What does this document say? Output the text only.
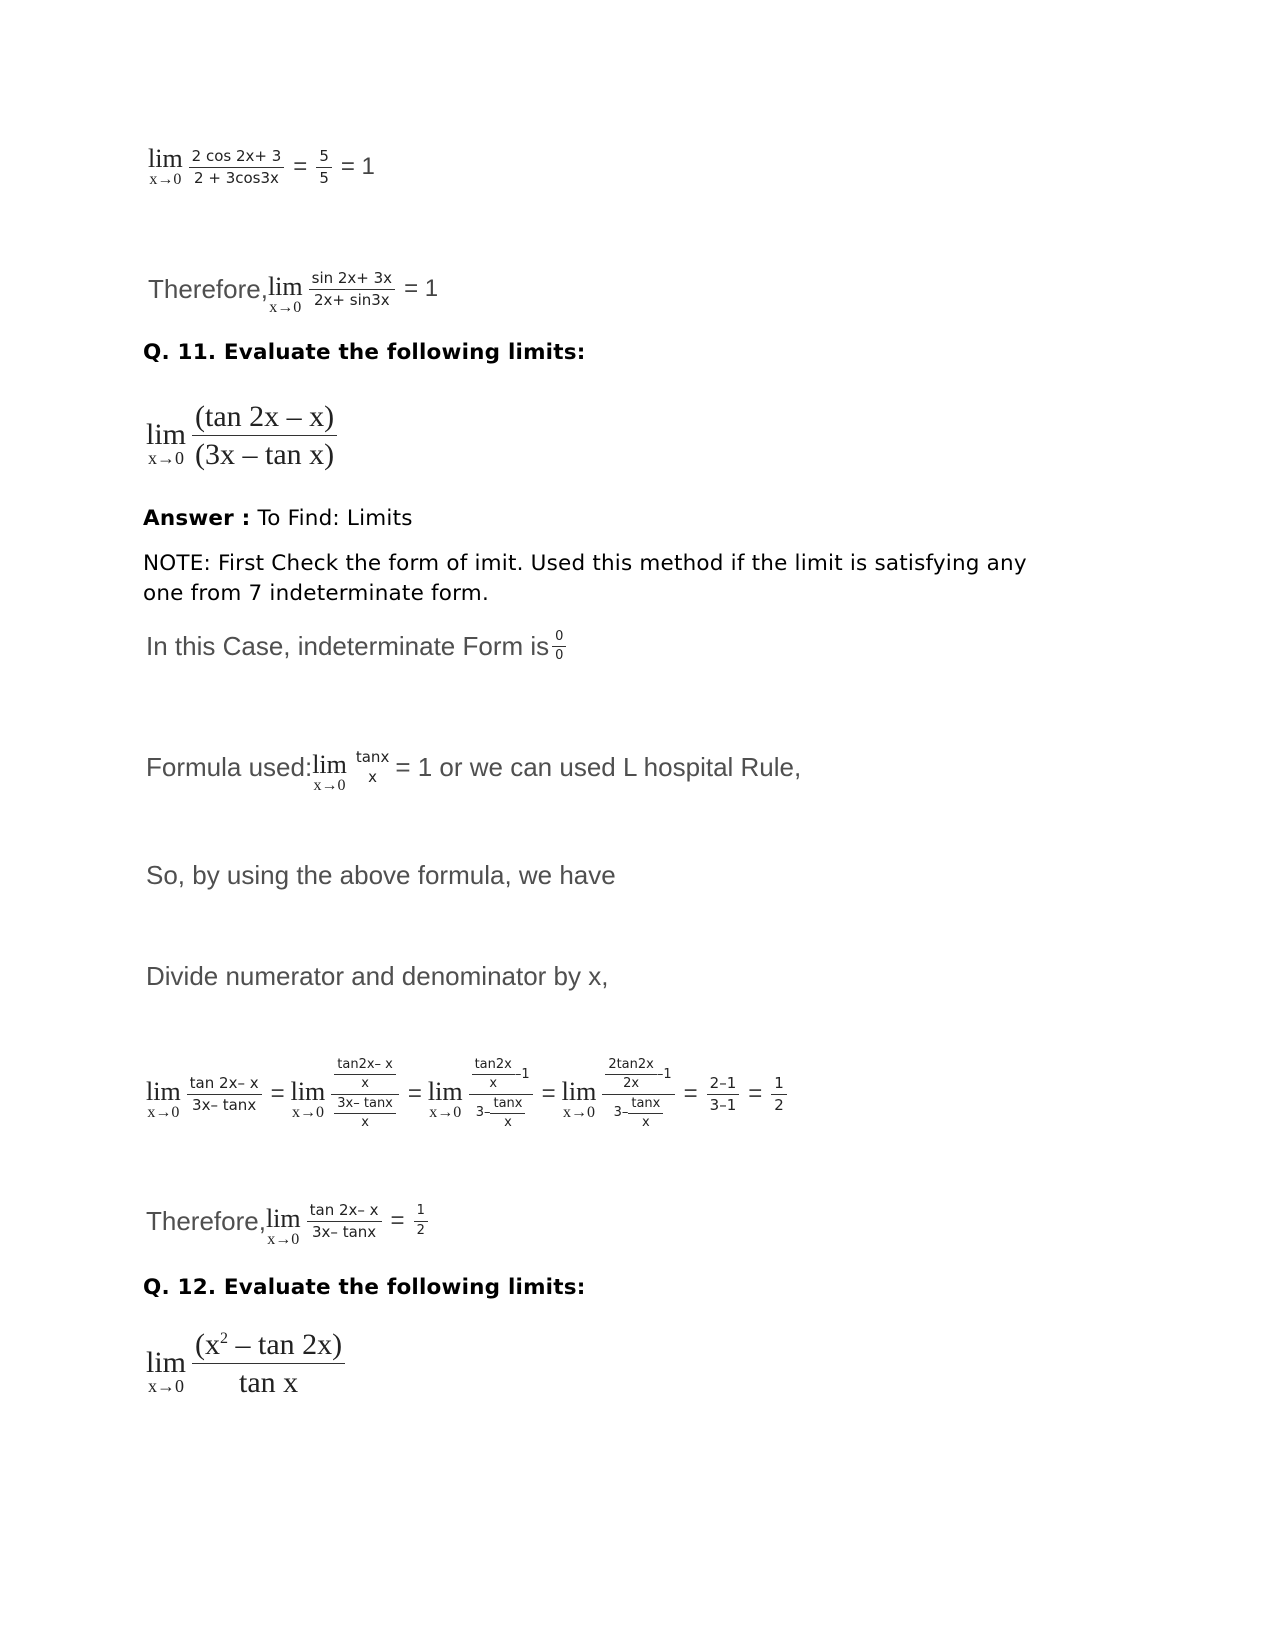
lim
$x\to 0 \frac{2 \cos 2x+ 3}{2 + 3\cos 3x} = \frac{5}{5} = 1$
Therefore, lim
$x\to 0 \frac{\sin 2x+ 3x}{2x+ \sin 3x} = 1$
Q. 11. Evaluate the following limits:
lim
$x\to 0 \frac{(\tan 2x - x)}{\text{(3x – tan x)}}$
Answer : To Find: Limits
NOTE: First Check the form of imit. Used this method if the limit is satisfying any one from 7 indeterminate form.
In this Case, indeterminate Form is $\frac{0}{0}$
Formula used: lim
x→0
tanx
x = 1 or we can used L hospital Rule,
So, by using the above formula, we have
Divide numerator and denominator by x,
lim
$x\to 0 \frac{\tan 2x- x}{3x- \tan x} = \lim$
$x\to 0 \frac{\frac{\tan 2x- x}{x}}{\frac{3x- \tan x}{x}} = \lim$
$x\to 0 \frac{\frac{\tan 2x}{x} -1}{3- \frac{\tan x}{x}} = \lim$
$x\to 0 \frac{\frac{2\tan 2x}{2x} -1}{3- \frac{\tan x}{x}} = \frac{2-1}{3-1} = \frac{1}{2}$
Therefore, lim
$x\to 0 \frac{\tan 2x- x}{3x- \tan x} = \frac{1}{2}$
Q. 12. Evaluate the following limits:
lim
$x\to 0 \frac{(x^2 - \tan 2x)}{\text{tan x}}$
